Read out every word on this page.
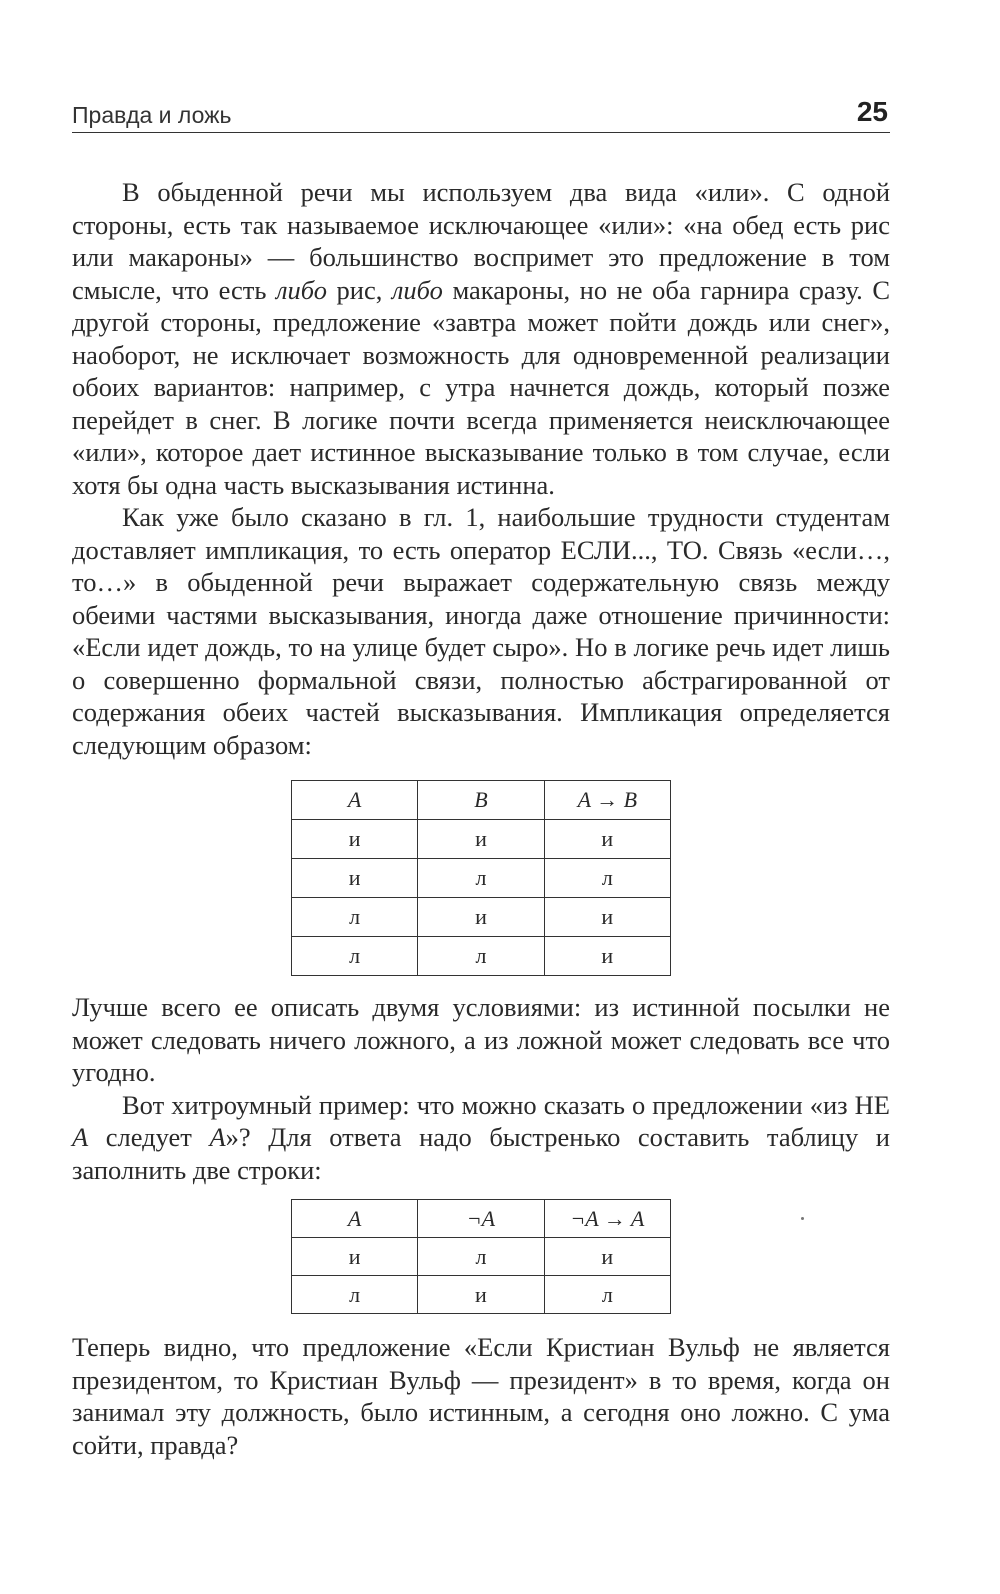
Правда и ложь	25

В обыденной речи мы используем два вида «или». С одной стороны, есть так называемое исключающее «или»: «на обед есть рис или макароны» — большинство воспримет это предложение в том смысле, что есть либо рис, либо макароны, но не оба гарнира сразу. С другой стороны, предложение «завтра может пойти дождь или снег», наоборот, не исключает возможность для одновременной реализации обоих вариантов: например, с утра начнется дождь, который позже перейдет в снег. В логике почти всегда применяется неисключающее «или», которое дает истинное высказывание только в том случае, если хотя бы одна часть высказывания истинна.

Как уже было сказано в гл. 1, наибольшие трудности студентам доставляет импликация, то есть оператор ЕСЛИ..., ТО. Связь «если…, то…» в обыденной речи выражает содержательную связь между обеими частями высказывания, иногда даже отношение причинности: «Если идет дождь, то на улице будет сыро». Но в логике речь идет лишь о совершенно формальной связи, полностью абстрагированной от содержания обеих частей высказывания. Импликация определяется следующим образом:

A	B	A → B
и	и	и
и	л	л
л	и	и
л	л	и

Лучше всего ее описать двумя условиями: из истинной посылки не может следовать ничего ложного, а из ложной может следовать все что угодно.

Вот хитроумный пример: что можно сказать о предложении «из НЕ A следует A»? Для ответа надо быстренько составить таблицу и заполнить две строки:

A	¬A	¬A → A
и	л	и
л	и	л

Теперь видно, что предложение «Если Кристиан Вульф не является президентом, то Кристиан Вульф — президент» в то время, когда он занимал эту должность, было истинным, а сегодня оно ложно. С ума сойти, правда?
